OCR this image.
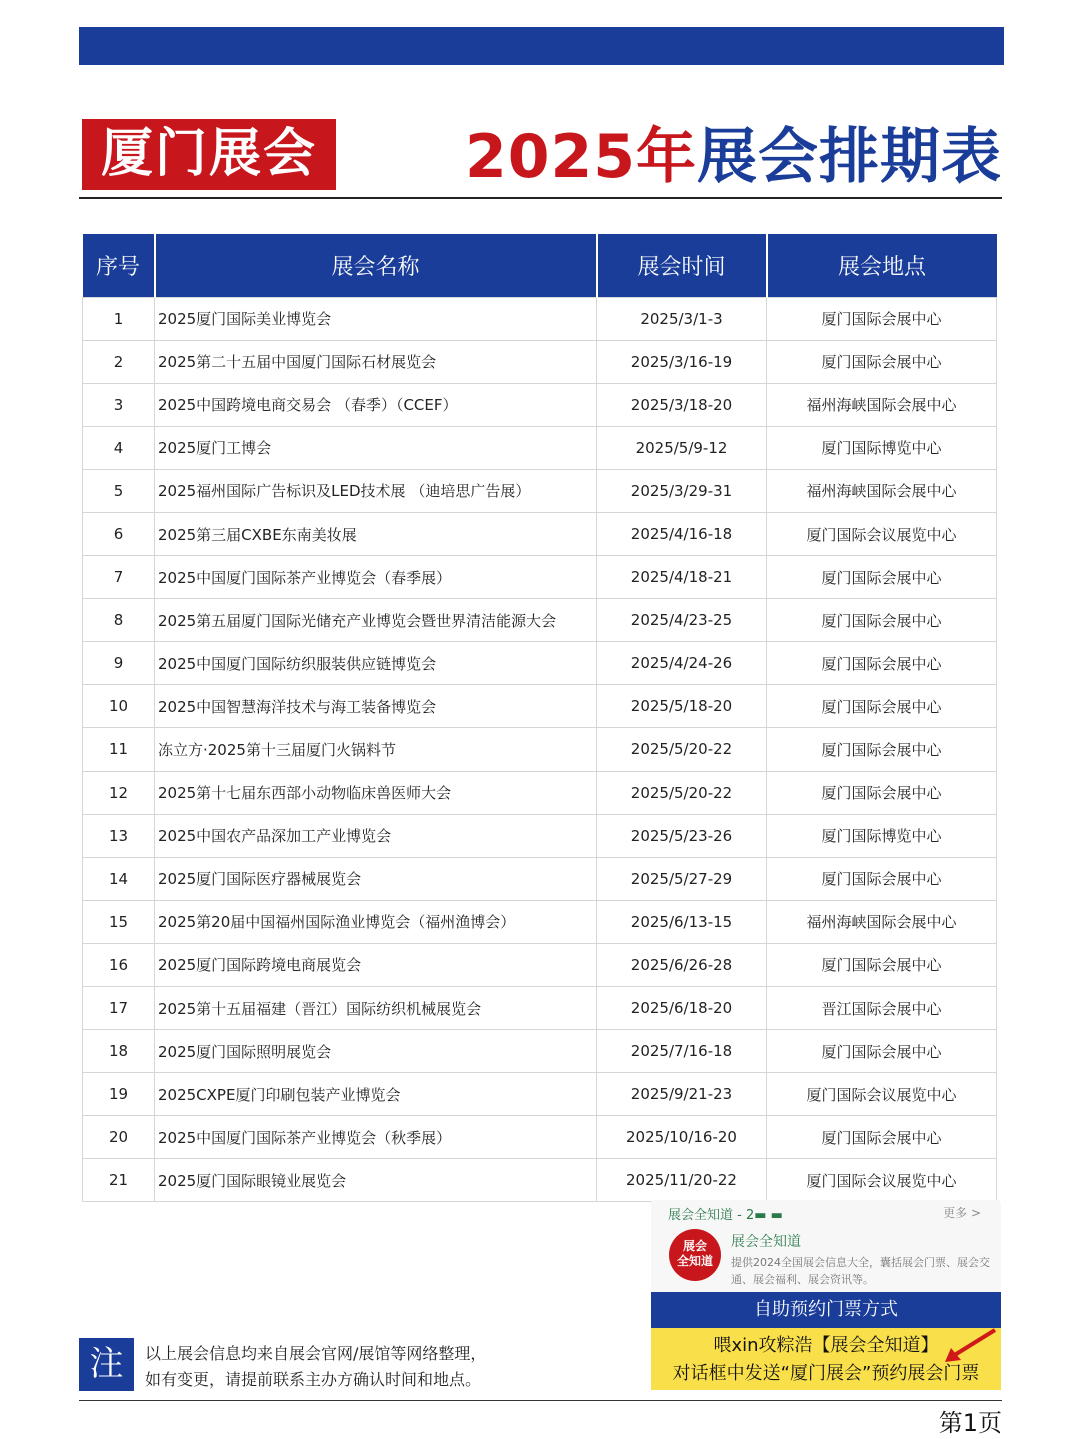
厦门展会	2025年展会排期表
序号	展会名称	展会时间	展会地点
1	2025厦门国际美业博览会	2025/3/1-3	厦门国际会展中心
2	2025第二十五届中国厦门国际石材展览会	2025/3/16-19	厦门国际会展中心
3	2025中国跨境电商交易会 （春季）（CCEF）	2025/3/18-20	福州海峡国际会展中心
4	2025厦门工博会	2025/5/9-12	厦门国际博览中心
5	2025福州国际广告标识及LED技术展 （迪培思广告展）	2025/3/29-31	福州海峡国际会展中心
6	2025第三届CXBE东南美妆展	2025/4/16-18	厦门国际会议展览中心
7	2025中国厦门国际茶产业博览会（春季展）	2025/4/18-21	厦门国际会展中心
8	2025第五届厦门国际光储充产业博览会暨世界清洁能源大会	2025/4/23-25	厦门国际会展中心
9	2025中国厦门国际纺织服装供应链博览会	2025/4/24-26	厦门国际会展中心
10	2025中国智慧海洋技术与海工装备博览会	2025/5/18-20	厦门国际会展中心
11	冻立方·2025第十三届厦门火锅料节	2025/5/20-22	厦门国际会展中心
12	2025第十七届东西部小动物临床兽医师大会	2025/5/20-22	厦门国际会展中心
13	2025中国农产品深加工产业博览会	2025/5/23-26	厦门国际博览中心
14	2025厦门国际医疗器械展览会	2025/5/27-29	厦门国际会展中心
15	2025第20届中国福州国际渔业博览会（福州渔博会）	2025/6/13-15	福州海峡国际会展中心
16	2025厦门国际跨境电商展览会	2025/6/26-28	厦门国际会展中心
17	2025第十五届福建（晋江）国际纺织机械展览会	2025/6/18-20	晋江国际会展中心
18	2025厦门国际照明展览会	2025/7/16-18	厦门国际会展中心
19	2025CXPE厦门印刷包装产业博览会	2025/9/21-23	厦门国际会议展览中心
20	2025中国厦门国际茶产业博览会（秋季展）	2025/10/16-20	厦门国际会展中心
21	2025厦门国际眼镜业展览会	2025/11/20-22	厦门国际会议展览中心
注	以上展会信息均来自展会官网/展馆等网络整理，
如有变更，请提前联系主办方确认时间和地点。
展会全知道 - 2▬ ▬	更多 >
展会
全知道
展会全知道
提供2024全国展会信息大全，囊括展会门票、展会交通、展会福利、展会资讯等。
自助预约门票方式
喂xin攻粽浩【展会全知道】
对话框中发送“厦门展会”预约展会门票
第1页
